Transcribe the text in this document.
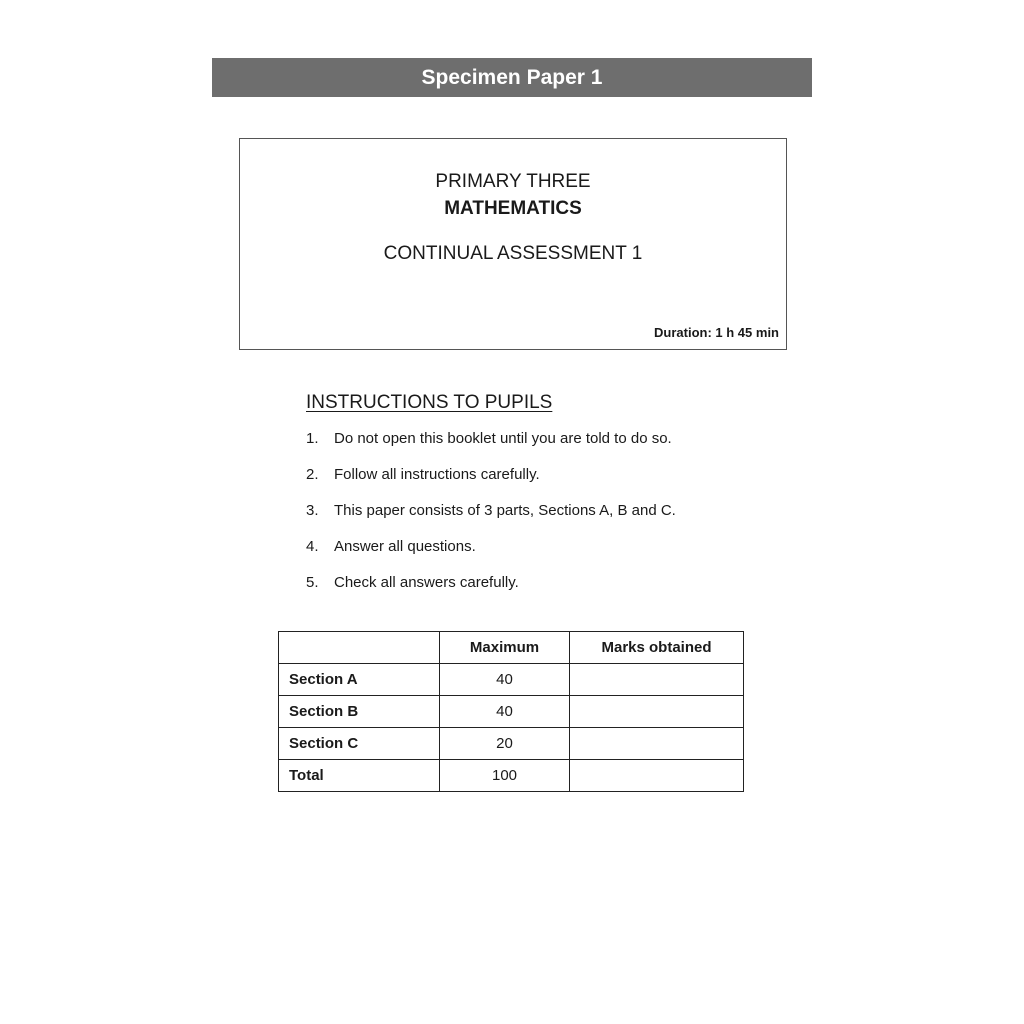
Specimen Paper 1
PRIMARY THREE
MATHEMATICS
CONTINUAL ASSESSMENT 1
Duration: 1 h 45 min
INSTRUCTIONS TO PUPILS
1.	Do not open this booklet until you are told to do so.
2.	Follow all instructions carefully.
3.	This paper consists of 3 parts, Sections A, B and C.
4.	Answer all questions.
5.	Check all answers carefully.
	Maximum	Marks obtained
Section A	40	
Section B	40	
Section C	20	
Total	100	
